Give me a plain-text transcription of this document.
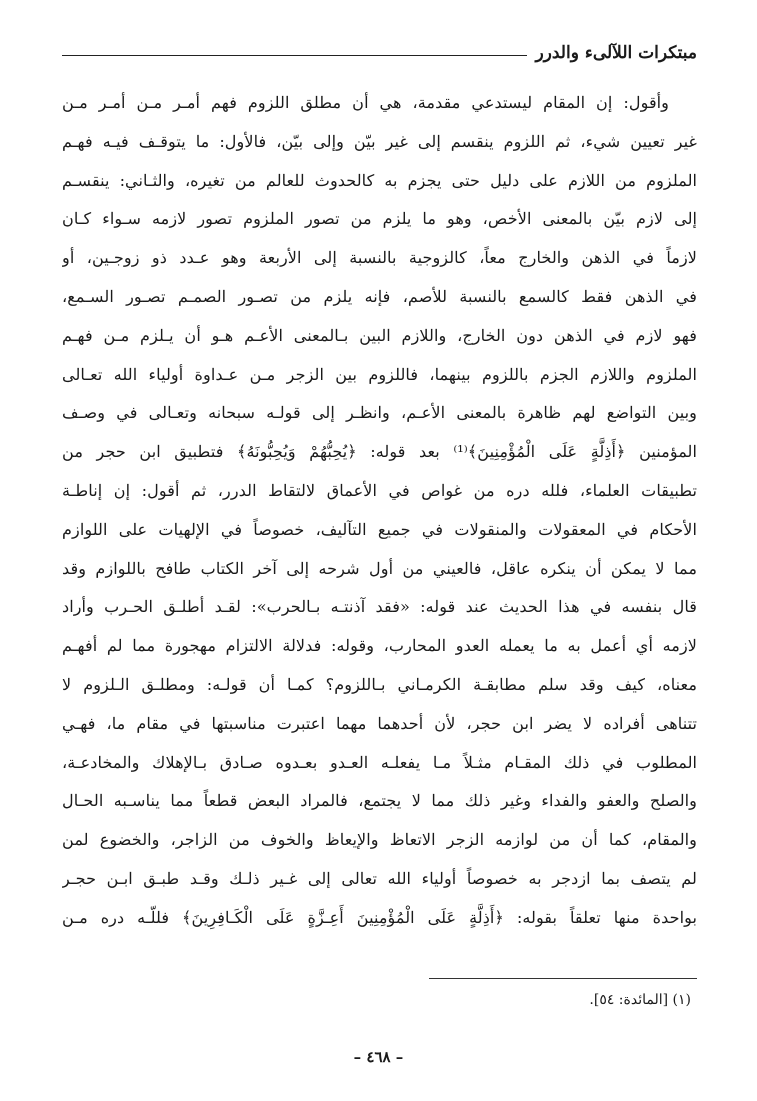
مبتكرات اللآلىء والدرر
وأقول: إن المقام ليستدعي مقدمة، هي أن مطلق اللزوم فهم أمـر مـن أمـر مـن
غير تعيين شيء، ثم اللزوم ينقسم إلى غير بيّن وإلى بيّن، فالأول: ما يتوقـف فيـه فهـم
الملزوم من اللازم على دليل حتى يجزم به كالحدوث للعالم من تغيره، والثـاني: ينقسـم
إلى لازم بيّن بالمعنى الأخص، وهو ما يلزم من تصور الملزوم تصور لازمه سـواء كـان
لازماً في الذهن والخارج معاً، كالزوجية بالنسبة إلى الأربعة وهو عـدد ذو زوجـين، أو
في الذهن فقط كالسمع بالنسبة للأصم، فإنه يلزم من تصـور الصمـم تصـور السـمع،
فهو لازم في الذهن دون الخارج، واللازم البين بـالمعنى الأعـم هـو أن يـلزم مـن فهـم
الملزوم واللازم الجزم باللزوم بينهما، فاللزوم بين الزجر مـن عـداوة أولياء الله تعـالى
وبين التواضع لهم ظاهرة بالمعنى الأعـم، وانظـر إلى قولـه سبحانه وتعـالى في وصـف
المؤمنين ﴿أَذِلَّةٍ عَلَى الْمُؤْمِنِينَ﴾⁽¹⁾ بعد قوله: ﴿يُحِبُّهُمْ وَيُحِبُّونَهُ﴾ فتطبيق ابن حجر من
تطبيقات العلماء، فلله دره من غواص في الأعماق لالتقاط الدرر، ثم أقول: إن إناطـة
الأحكام في المعقولات والمنقولات في جميع التآليف، خصوصاً في الإلهيات على اللوازم
مما لا يمكن أن ينكره عاقل، فالعيني من أول شرحه إلى آخر الكتاب طافح باللوازم وقد
قال بنفسه في هذا الحديث عند قوله: «فقد آذنتـه بـالحرب»: لقـد أطلـق الحـرب وأراد
لازمه أي أعمل به ما يعمله العدو المحارب، وقوله: فدلالة الالتزام مهجورة مما لم أفهـم
معناه، كيف وقد سلم مطابقـة الكرمـاني بـاللزوم؟ كمـا أن قولـه: ومطلـق الـلزوم لا
تتناهى أفراده لا يضر ابن حجر، لأن أحدهما مهما اعتبرت مناسبتها في مقام ما، فهـي
المطلوب في ذلك المقـام مثـلاً مـا يفعلـه العـدو بعـدوه صـادق بـالإهلاك والمخادعـة،
والصلح والعفو والفداء وغير ذلك مما لا يجتمع، فالمراد البعض قطعاً مما يناسـبه الحـال
والمقام، كما أن من لوازمه الزجر الاتعاظ والإيعاظ والخوف من الزاجر، والخضوع لمن
لم يتصف بما ازدجر به خصوصاً أولياء الله تعالى إلى غـير ذلـك وقـد طبـق ابـن حجـر
بواحدة منها تعلقاً بقوله: ﴿أَذِلَّةٍ عَلَى الْمُؤْمِنِينَ أَعِـزَّةٍ عَلَى الْكَـافِرِينَ﴾ فللّـه دره مـن
(١) [المائدة: ٥٤].
– ٤٦٨ –
